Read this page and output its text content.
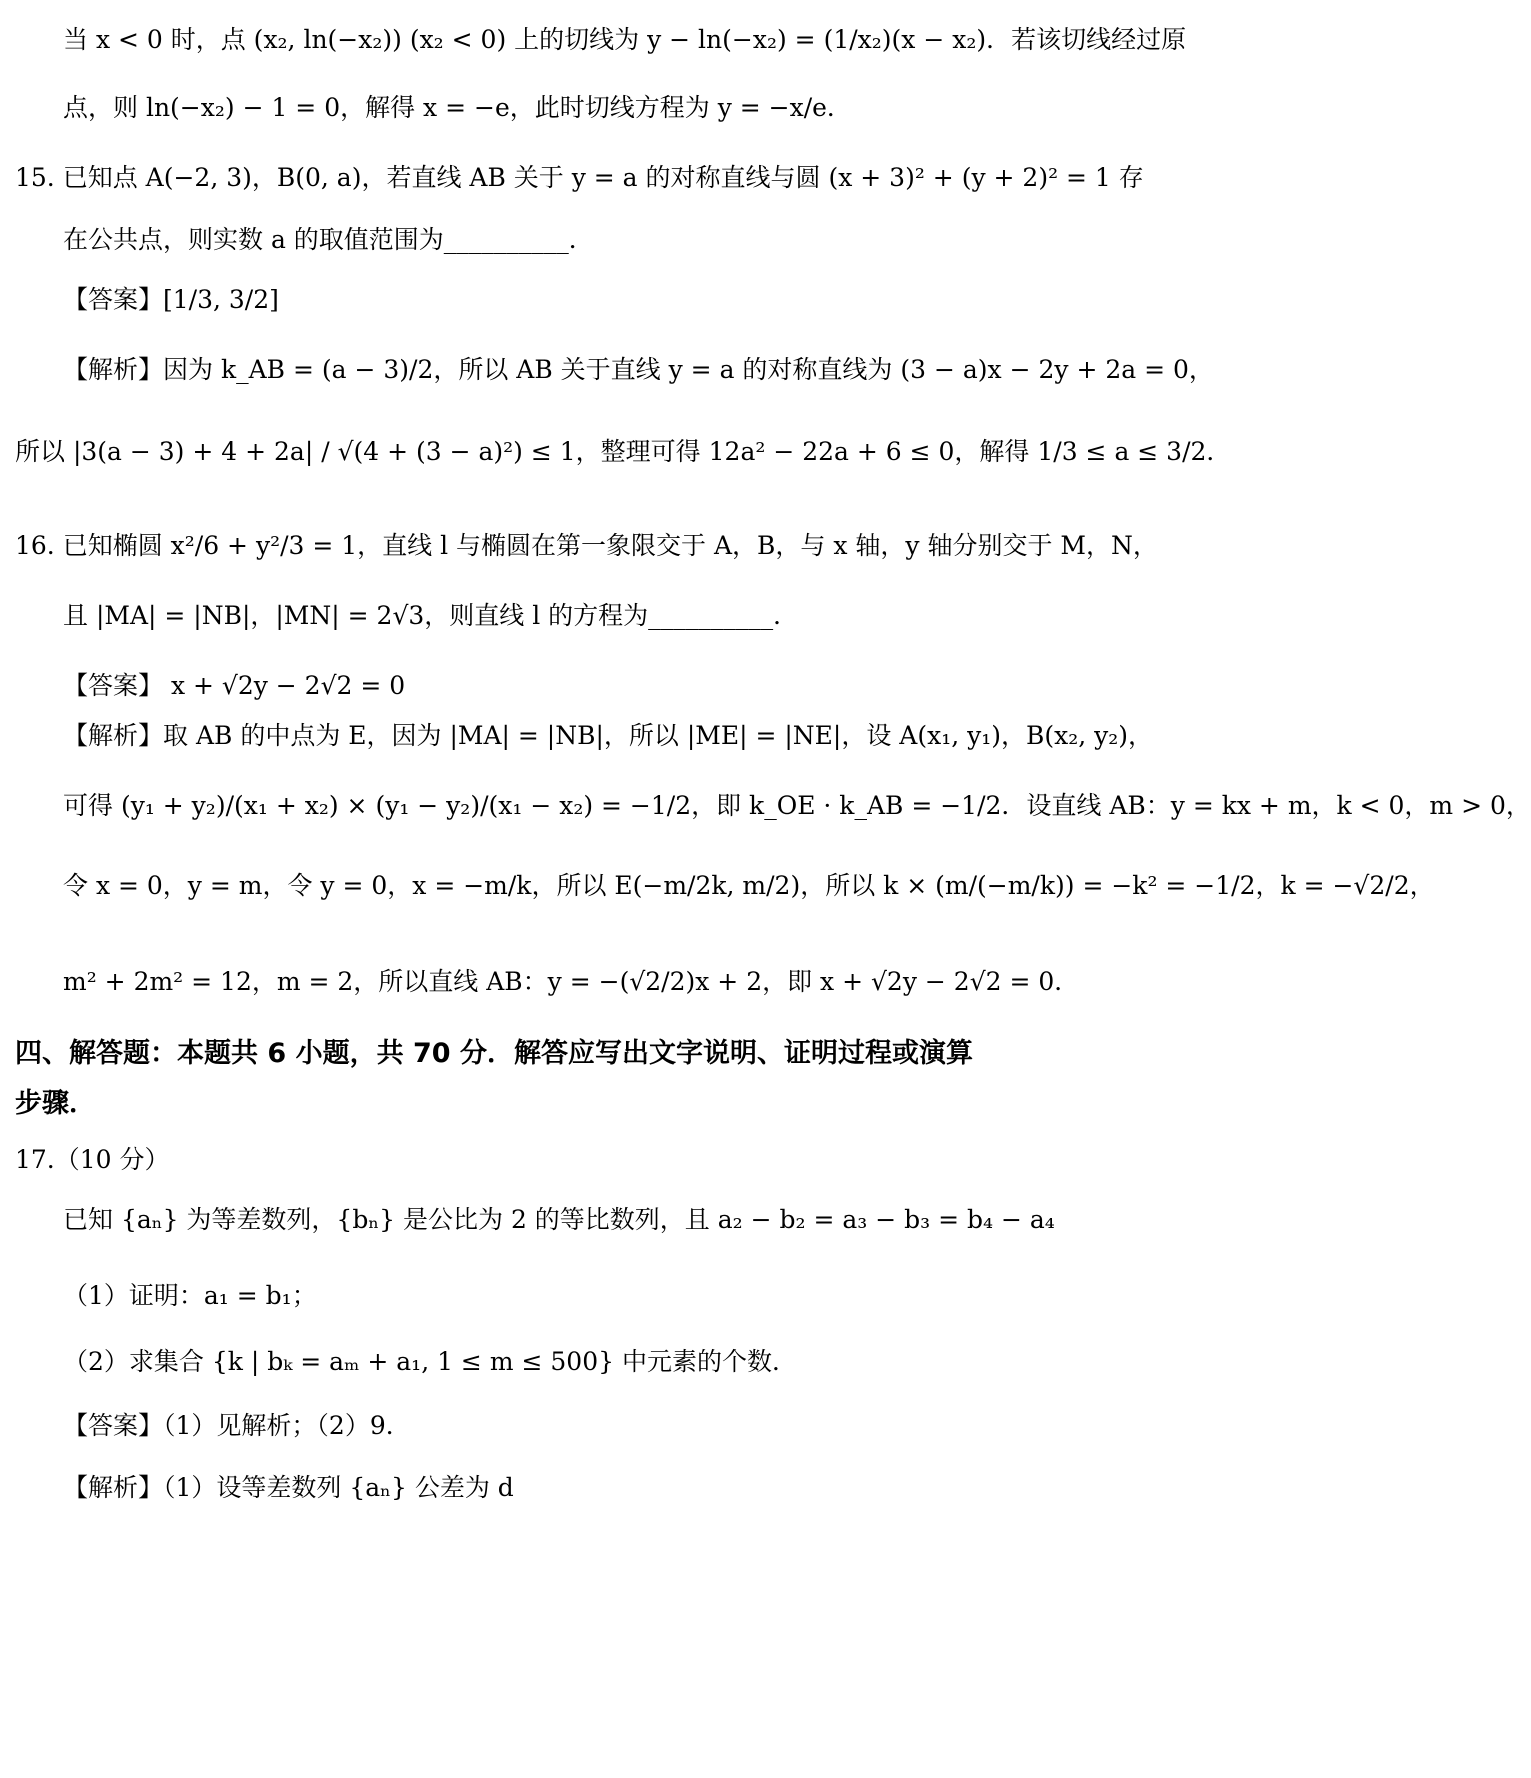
当 x < 0 时，点 (x₂, ln(−x₂)) (x₂ < 0) 上的切线为 y − ln(−x₂) = (1/x₂)(x − x₂)．若该切线经过原
点，则 ln(−x₂) − 1 = 0，解得 x = −e，此时切线方程为 y = −x/e．
15. 已知点 A(−2, 3)，B(0, a)，若直线 AB 关于 y = a 的对称直线与圆 (x + 3)² + (y + 2)² = 1 存
在公共点，则实数 a 的取值范围为__________．
【答案】[1/3, 3/2]
【解析】因为 k_AB = (a − 3)/2，所以 AB 关于直线 y = a 的对称直线为 (3 − a)x − 2y + 2a = 0，
所以 |3(a − 3) + 4 + 2a| / √(4 + (3 − a)²) ≤ 1，整理可得 12a² − 22a + 6 ≤ 0，解得 1/3 ≤ a ≤ 3/2．
16. 已知椭圆 x²/6 + y²/3 = 1，直线 l 与椭圆在第一象限交于 A，B，与 x 轴，y 轴分别交于 M，N，
且 |MA| = |NB|，|MN| = 2√3，则直线 l 的方程为__________．
【答案】 x + √2y − 2√2 = 0
【解析】取 AB 的中点为 E，因为 |MA| = |NB|，所以 |ME| = |NE|，设 A(x₁, y₁)，B(x₂, y₂)，
可得 (y₁ + y₂)/(x₁ + x₂) × (y₁ − y₂)/(x₁ − x₂) = −1/2，即 k_OE · k_AB = −1/2．设直线 AB：y = kx + m，k < 0，m > 0，
令 x = 0，y = m，令 y = 0，x = −m/k，所以 E(−m/2k, m/2)，所以 k × (m/(−m/k)) = −k² = −1/2，k = −√2/2，
m² + 2m² = 12，m = 2，所以直线 AB：y = −(√2/2)x + 2，即 x + √2y − 2√2 = 0．
四、解答题：本题共 6 小题，共 70 分．解答应写出文字说明、证明过程或演算
步骤．
17.（10 分）
已知 {aₙ} 为等差数列，{bₙ} 是公比为 2 的等比数列，且 a₂ − b₂ = a₃ − b₃ = b₄ − a₄
（1）证明：a₁ = b₁；
（2）求集合 {k | bₖ = aₘ + a₁, 1 ≤ m ≤ 500} 中元素的个数．
【答案】（1）见解析；（2）9．
【解析】（1）设等差数列 {aₙ} 公差为 d
